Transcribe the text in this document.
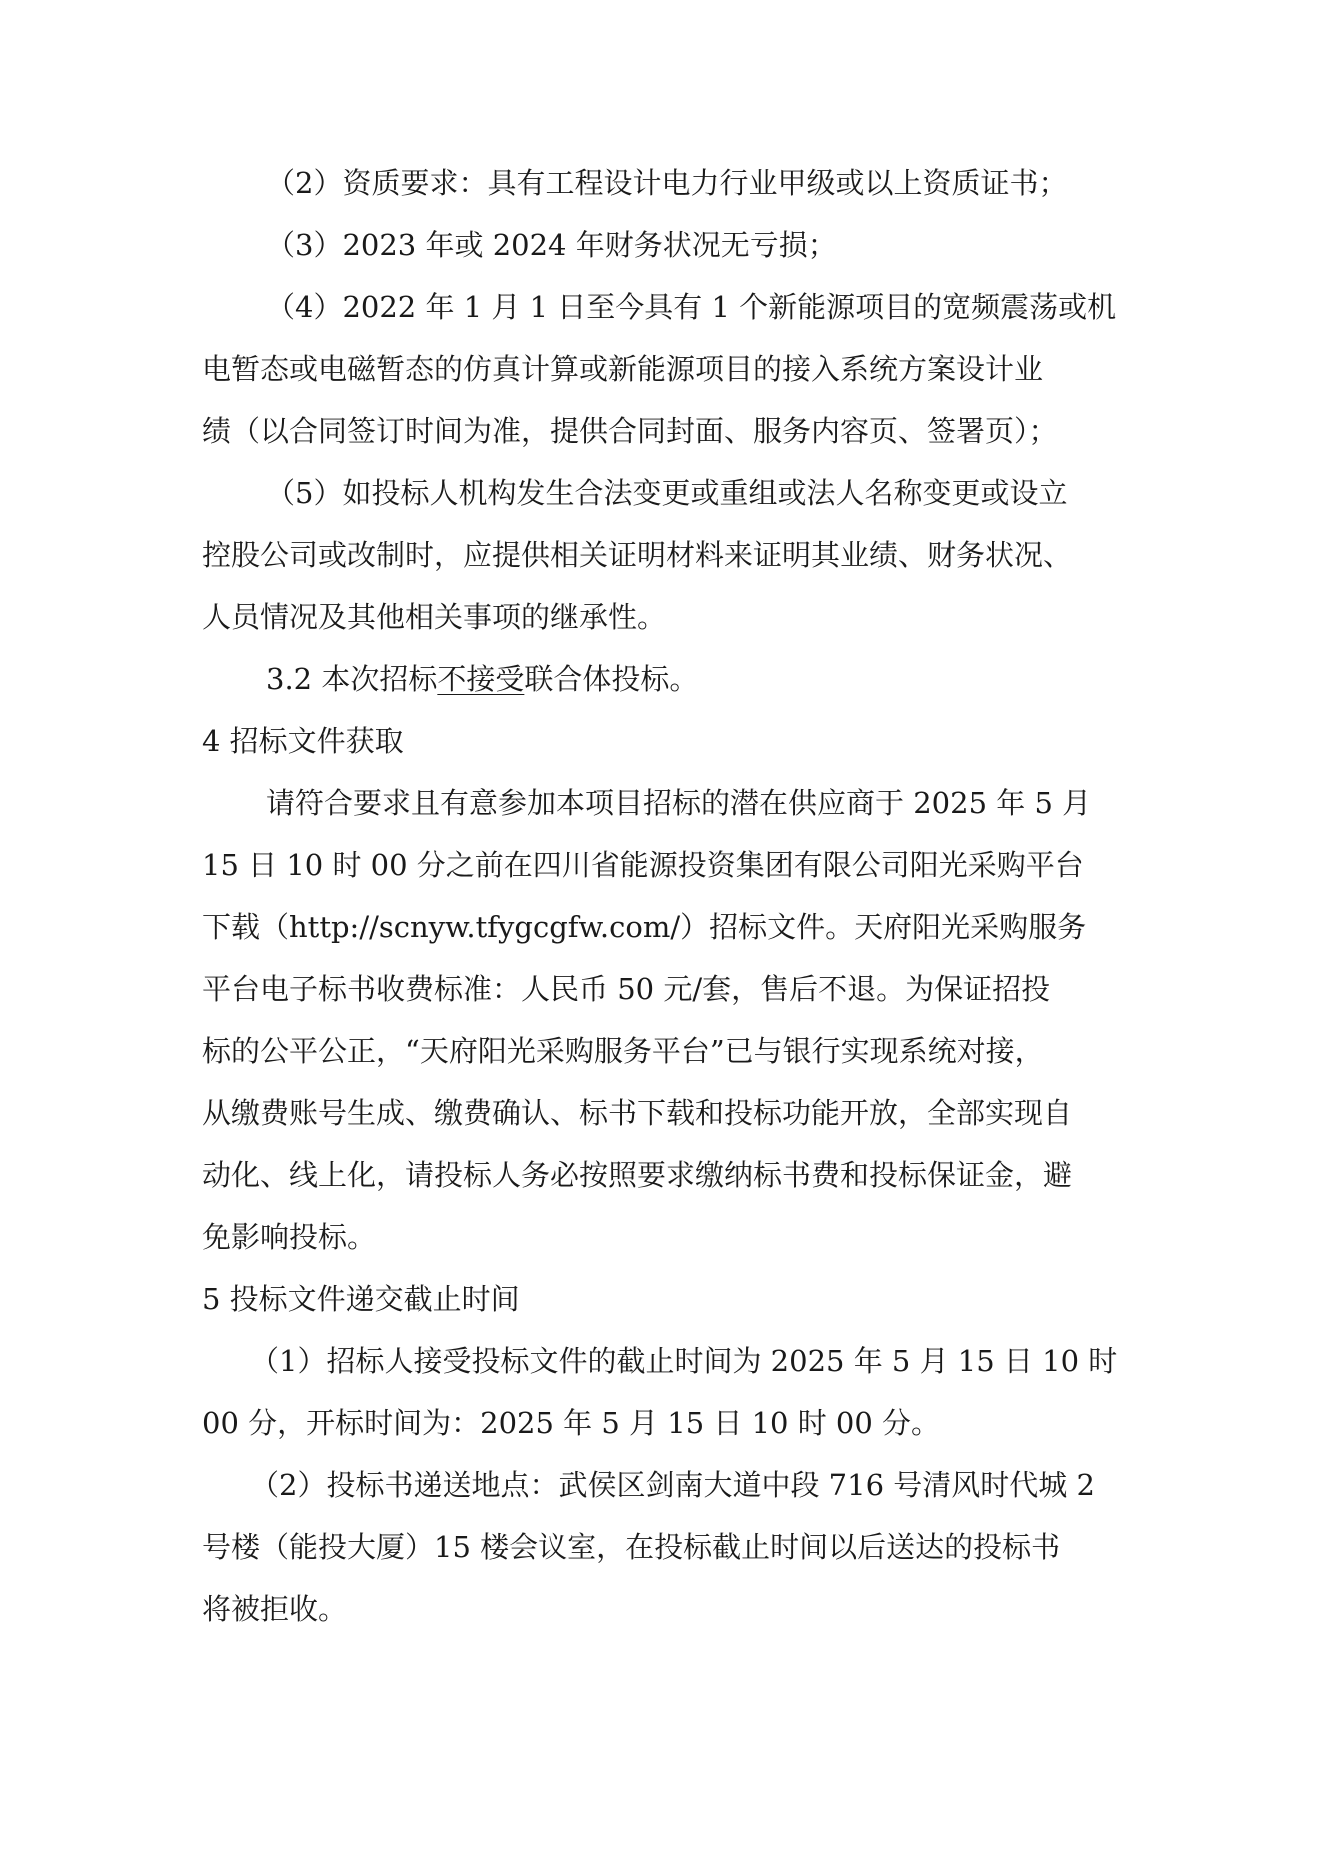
（2）资质要求：具有工程设计电力行业甲级或以上资质证书；
（3）2023 年或 2024 年财务状况无亏损；
（4）2022 年 1 月 1 日至今具有 1 个新能源项目的宽频震荡或机
电暂态或电磁暂态的仿真计算或新能源项目的接入系统方案设计业
绩（以合同签订时间为准，提供合同封面、服务内容页、签署页）；
（5）如投标人机构发生合法变更或重组或法人名称变更或设立
控股公司或改制时，应提供相关证明材料来证明其业绩、财务状况、
人员情况及其他相关事项的继承性。
3.2 本次招标不接受联合体投标。
4 招标文件获取
请符合要求且有意参加本项目招标的潜在供应商于 2025 年 5 月
15 日 10 时 00 分之前在四川省能源投资集团有限公司阳光采购平台
下载（http://scnyw.tfygcgfw.com/）招标文件。天府阳光采购服务
平台电子标书收费标准：人民币 50 元/套，售后不退。为保证招投
标的公平公正，“天府阳光采购服务平台”已与银行实现系统对接，
从缴费账号生成、缴费确认、标书下载和投标功能开放，全部实现自
动化、线上化，请投标人务必按照要求缴纳标书费和投标保证金，避
免影响投标。
5 投标文件递交截止时间
（1）招标人接受投标文件的截止时间为 2025 年 5 月 15 日 10 时
00 分，开标时间为：2025 年 5 月 15 日 10 时 00 分。
（2）投标书递送地点：武侯区剑南大道中段 716 号清风时代城 2
号楼（能投大厦）15 楼会议室，在投标截止时间以后送达的投标书
将被拒收。
